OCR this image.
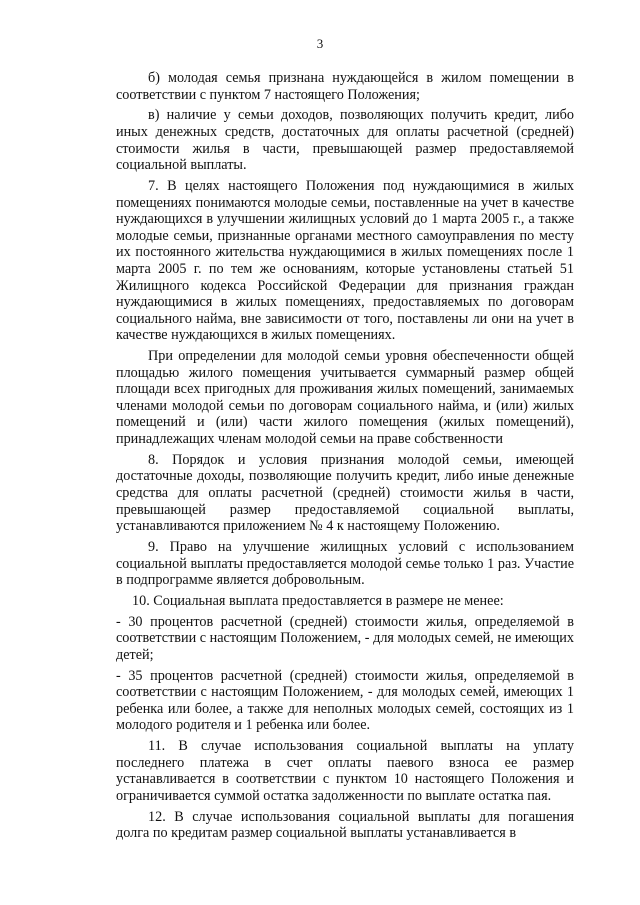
3

б) молодая семья признана нуждающейся в жилом помещении в соответствии с пунктом 7 настоящего Положения;

в) наличие у семьи доходов, позволяющих получить кредит, либо иных денежных средств, достаточных для оплаты расчетной (средней) стоимости жилья в части, превышающей размер предоставляемой социальной выплаты.

7. В целях настоящего Положения под нуждающимися в жилых помещениях понимаются молодые семьи, поставленные на учет в качестве нуждающихся в улучшении жилищных условий до 1 марта 2005 г., а также молодые семьи, признанные органами местного самоуправления по месту их постоянного жительства нуждающимися в жилых помещениях после 1 марта 2005 г. по тем же основаниям, которые установлены статьей 51 Жилищного кодекса Российской Федерации для признания граждан нуждающимися в жилых помещениях, предоставляемых по договорам социального найма, вне зависимости от того, поставлены ли они на учет в качестве нуждающихся в жилых помещениях.

При определении для молодой семьи уровня обеспеченности общей площадью жилого помещения учитывается суммарный размер общей площади всех пригодных для проживания жилых помещений, занимаемых членами молодой семьи по договорам социального найма, и (или) жилых помещений и (или) части жилого помещения (жилых помещений), принадлежащих членам молодой семьи на праве собственности

8. Порядок и условия признания молодой семьи, имеющей достаточные доходы, позволяющие получить кредит, либо иные денежные средства для оплаты расчетной (средней) стоимости жилья в части, превышающей размер предоставляемой социальной выплаты, устанавливаются приложением № 4 к настоящему Положению.

9. Право на улучшение жилищных условий с использованием социальной выплаты предоставляется молодой семье только 1 раз. Участие в подпрограмме является добровольным.

10. Социальная выплата предоставляется в размере не менее:

- 30 процентов расчетной (средней) стоимости жилья, определяемой в соответствии с настоящим Положением, - для молодых семей, не имеющих детей;

- 35 процентов расчетной (средней) стоимости жилья, определяемой в соответствии с настоящим Положением, - для молодых семей, имеющих 1 ребенка или более, а также для неполных молодых семей, состоящих из 1 молодого родителя и 1 ребенка или более.

11. В случае использования социальной выплаты на уплату последнего платежа в счет оплаты паевого взноса ее размер устанавливается в соответствии с пунктом 10 настоящего Положения и ограничивается суммой остатка задолженности по выплате остатка пая.

12. В случае использования социальной выплаты для погашения долга по кредитам размер социальной выплаты устанавливается в
